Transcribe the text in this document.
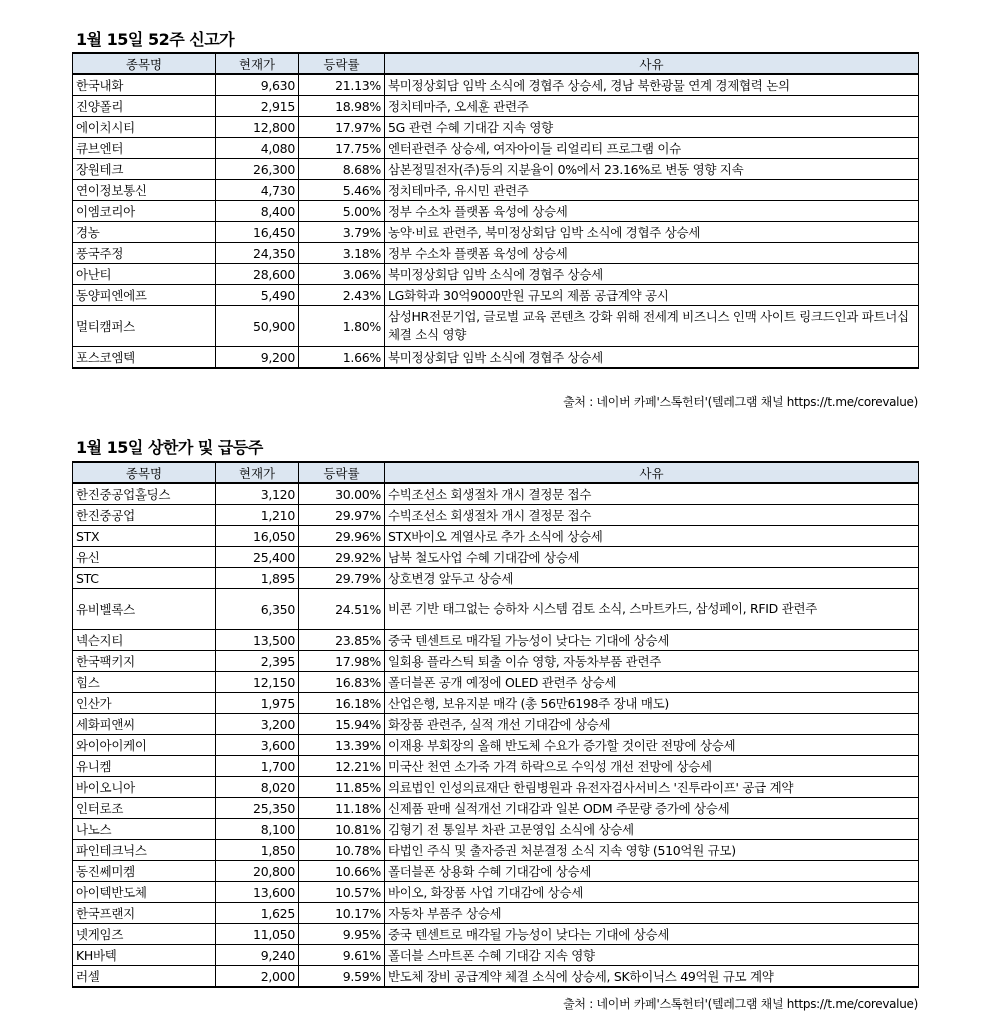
1월 15일 52주 신고가
종목명	현재가	등락률	사유
한국내화	9,630	21.13%	북미정상회담 임박 소식에 경협주 상승세, 경남 북한광물 연계 경제협력 논의
진양폴리	2,915	18.98%	정치테마주, 오세훈 관련주
에이치시티	12,800	17.97%	5G 관련 수혜 기대감 지속 영향
큐브엔터	4,080	17.75%	엔터관련주 상승세, 여자아이들 리얼리티 프로그램 이슈
장원테크	26,300	8.68%	삼본정밀전자(주)등의 지분율이 0%에서 23.16%로 변동 영향 지속
연이정보통신	4,730	5.46%	정치테마주, 유시민 관련주
이엠코리아	8,400	5.00%	정부 수소차 플랫폼 육성에 상승세
경농	16,450	3.79%	농약·비료 관련주, 북미정상회담 임박 소식에 경협주 상승세
풍국주정	24,350	3.18%	정부 수소차 플랫폼 육성에 상승세
아난티	28,600	3.06%	북미정상회담 임박 소식에 경협주 상승세
동양피엔에프	5,490	2.43%	LG화학과 30억9000만원 규모의 제품 공급계약 공시
멀티캠퍼스	50,900	1.80%	삼성HR전문기업, 글로벌 교육 콘텐츠 강화 위해 전세계 비즈니스 인맥 사이트 링크드인과 파트너십 체결 소식 영향
포스코엠텍	9,200	1.66%	북미정상회담 임박 소식에 경협주 상승세
출처 : 네이버 카페'스톡헌터'(텔레그램 채널 https://t.me/corevalue)
1월 15일 상한가 및 급등주
종목명	현재가	등락률	사유
한진중공업홀딩스	3,120	30.00%	수빅조선소 회생절차 개시 결정문 접수
한진중공업	1,210	29.97%	수빅조선소 회생절차 개시 결정문 접수
STX	16,050	29.96%	STX바이오 계열사로 추가 소식에 상승세
유신	25,400	29.92%	남북 철도사업 수혜 기대감에 상승세
STC	1,895	29.79%	상호변경 앞두고 상승세
유비벨록스	6,350	24.51%	비콘 기반 태그없는 승하차 시스템 검토 소식, 스마트카드, 삼성페이, RFID 관련주
넥슨지티	13,500	23.85%	중국 텐센트로 매각될 가능성이 낮다는 기대에 상승세
한국팩키지	2,395	17.98%	일회용 플라스틱 퇴출 이슈 영향, 자동차부품 관련주
힘스	12,150	16.83%	폴더블폰 공개 예정에 OLED 관련주 상승세
인산가	1,975	16.18%	산업은행, 보유지분 매각 (총 56만6198주 장내 매도)
세화피앤씨	3,200	15.94%	화장품 관련주, 실적 개선 기대감에 상승세
와이아이케이	3,600	13.39%	이재용 부회장의 올해 반도체 수요가 증가할 것이란 전망에 상승세
유니켐	1,700	12.21%	미국산 천연 소가죽 가격 하락으로 수익성 개선 전망에 상승세
바이오니아	8,020	11.85%	의료법인 인성의료재단 한림병원과 유전자검사서비스 '진투라이프' 공급 계약
인터로조	25,350	11.18%	신제품 판매 실적개선 기대감과 일본 ODM 주문량 증가에 상승세
나노스	8,100	10.81%	김형기 전 통일부 차관 고문영입 소식에 상승세
파인테크닉스	1,850	10.78%	타법인 주식 및 출자증권 처분결정 소식 지속 영향 (510억원 규모)
동진쎄미켐	20,800	10.66%	폴더블폰 상용화 수혜 기대감에 상승세
아이텍반도체	13,600	10.57%	바이오, 화장품 사업 기대감에 상승세
한국프랜지	1,625	10.17%	자동차 부품주 상승세
넷게임즈	11,050	9.95%	중국 텐센트로 매각될 가능성이 낮다는 기대에 상승세
KH바텍	9,240	9.61%	폴더블 스마트폰 수혜 기대감 지속 영향
러셀	2,000	9.59%	반도체 장비 공급계약 체결 소식에 상승세, SK하이닉스 49억원 규모 계약
출처 : 네이버 카페'스톡헌터'(텔레그램 채널 https://t.me/corevalue)
